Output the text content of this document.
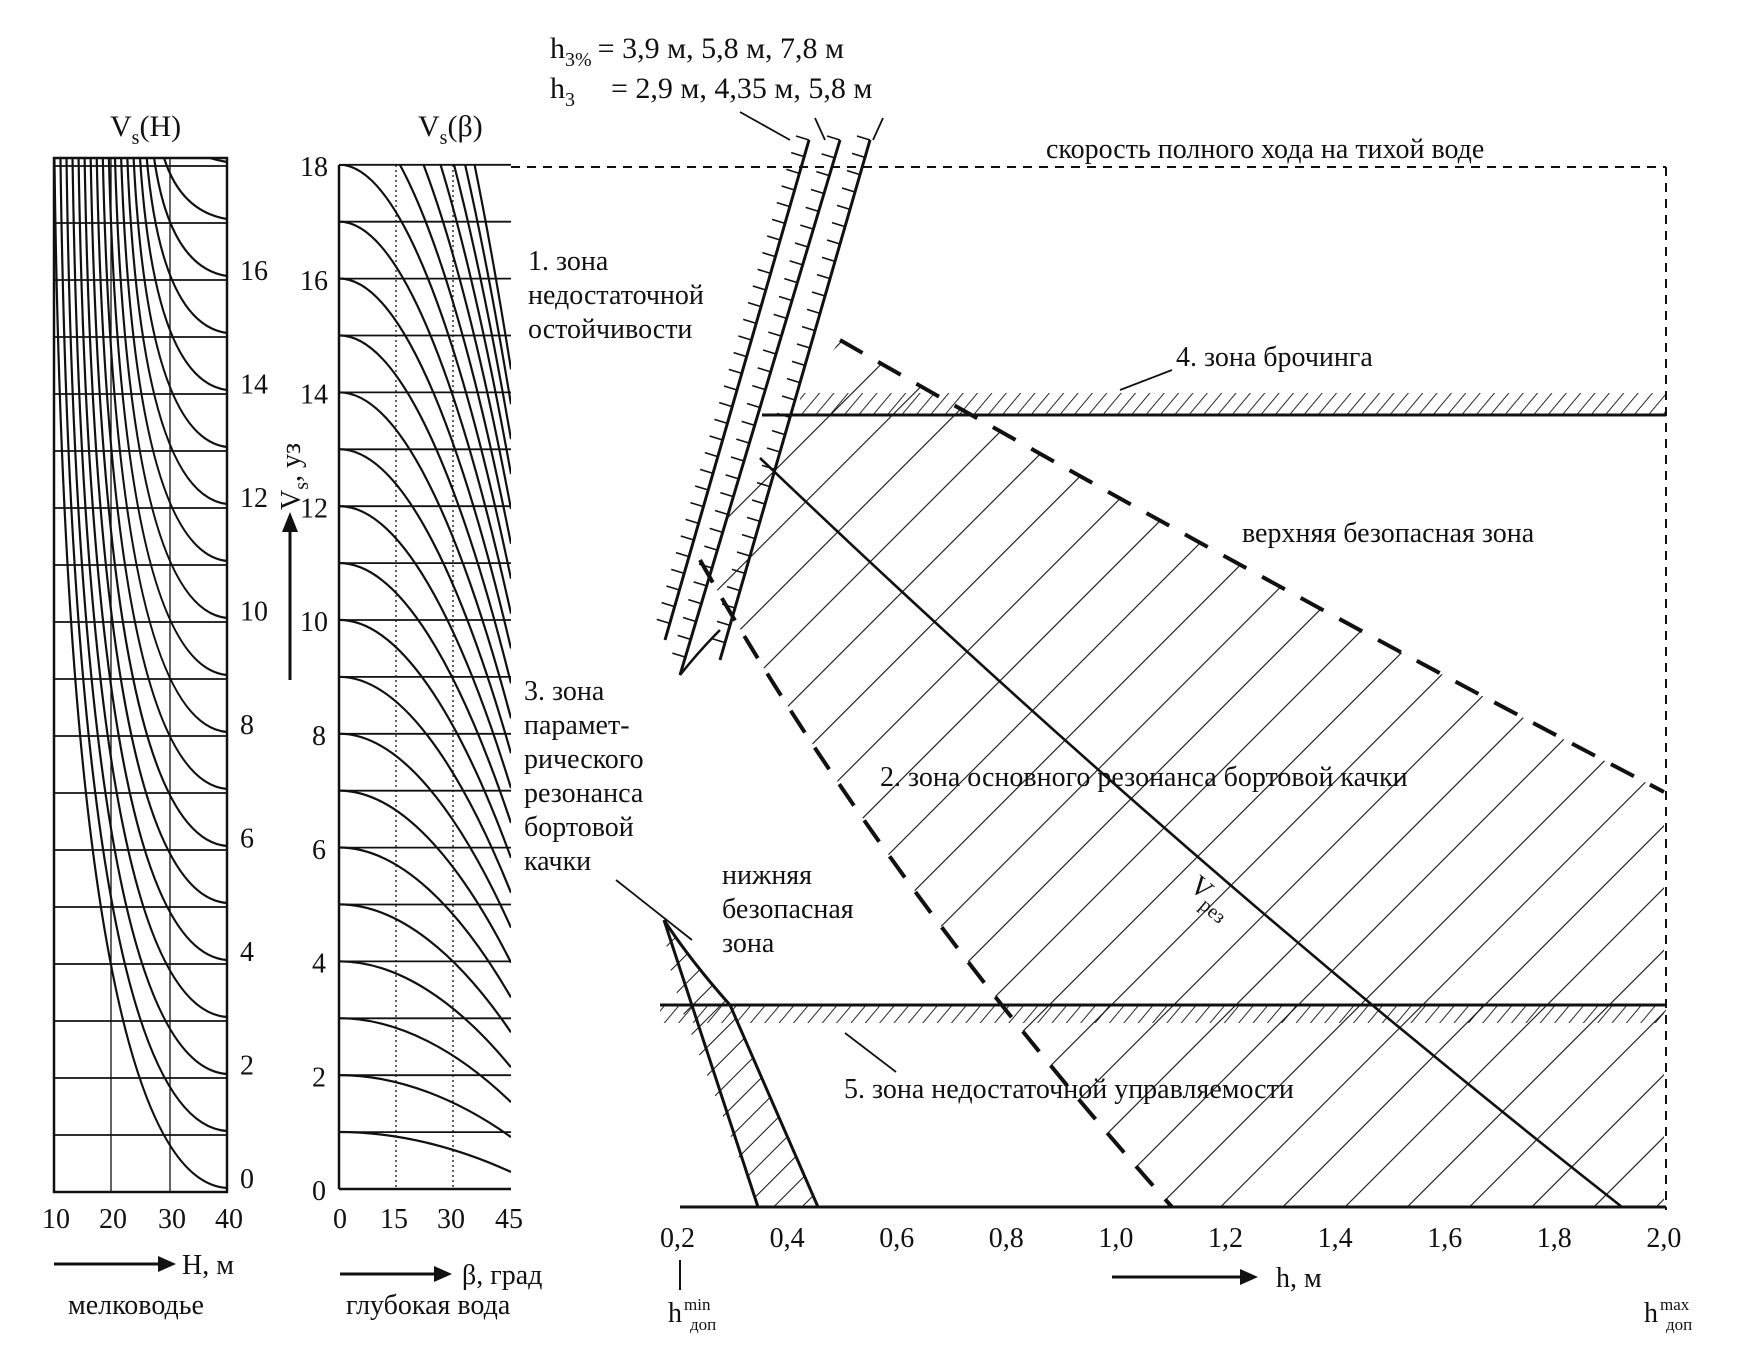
$V_s(H)$
16
14
12
10
8
6
4
2
0
10 20 30 40
H, м
мелководье
$V_s(\beta)$
18
16
14
12
10
8
6
4
2
0
0 15 30 45
$V_s$, уз
β, град
глубокая вода
скорость полного хода на тихой воде
$V_{рез}$
4. зона брочинга
0,2	0,4	0,6	0,8	1,0	1,2	1,4	1,6	1,8	2,0
h, м
h $^{min}$
доп	h $^{max}$
доп
$h_{3\%} = 3,9$ м, 5,8 м, 7,8 м
$h_3 = 2,9$ м, 4,35 м, 5,8 м
1. зона недостаточной остойчивости
верхняя безопасная зона
2. зона основного резонанса бортовой качки
3. зона парамет- рического резонанса бортовой качки	нижняя безопасная зона
5. зона недостаточной управляемости
